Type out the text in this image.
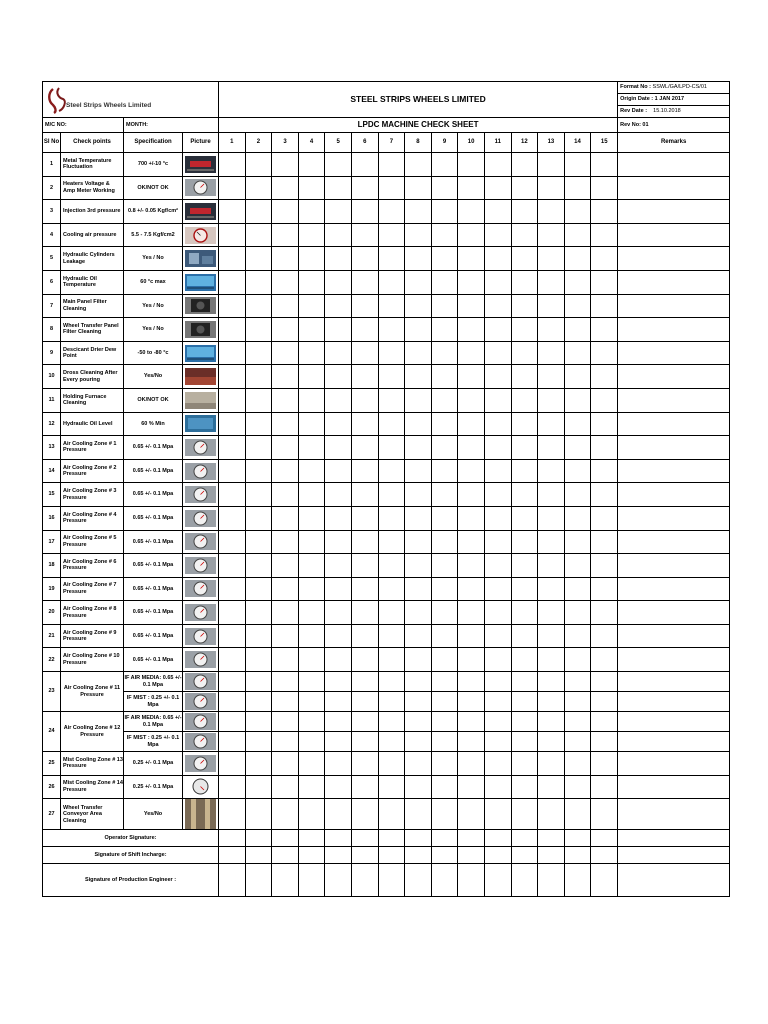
Steel Strips Wheels Limited				STEEL STRIPS WHEELS LIMITED															Format No : SSWL/GA/LPD-CS/01
																			Origin Date : 1 JAN 2017
																			Rev Date : 15.10.2018
M/C NO:		MONTH:		LPDC MACHINE CHECK SHEET															Rev No: 01
Sl No	Check points	Specification	Picture	1	2	3	4	5	6	7	8	9	10	11	12	13	14	15	Remarks
1	Metal Temperature Fluctuation	700 +/-10 °c	

2	Heaters Voltage & Amp Meter Working	OK/NOT OK	

3	Injection 3rd pressure	0.8 +/- 0.05 Kgf/cm²	

4	Cooling air pressure	5.5 - 7.5 Kgf/cm2	

5	Hydraulic Cylinders Leakage	Yes / No	

6	Hydraulic Oil Temperature	60 °c max	

7	Main Panel Filter Cleaning	Yes / No	

8	Wheel Transfer Panel Filter Cleaning	Yes / No	

9	Descicant Drier Dew Point	-50 to -80 °c	

10	Dross Cleaning After Every pouring	Yes/No	

11	Holding Furnace Cleaning	OK/NOT OK	

12	Hydraulic Oil Level	60 % Min	

13	Air Cooling Zone # 1 Pressure	0.65 +/- 0.1 Mpa	

14	Air Cooling Zone # 2 Pressure	0.65 +/- 0.1 Mpa	

15	Air Cooling Zone # 3 Pressure	0.65 +/- 0.1 Mpa	

16	Air Cooling Zone # 4 Pressure	0.65 +/- 0.1 Mpa	

17	Air Cooling Zone # 5 Pressure	0.65 +/- 0.1 Mpa	

18	Air Cooling Zone # 6 Pressure	0.65 +/- 0.1 Mpa	

19	Air Cooling Zone # 7 Pressure	0.65 +/- 0.1 Mpa	

20	Air Cooling Zone # 8 Pressure	0.65 +/- 0.1 Mpa	

21	Air Cooling Zone # 9 Pressure	0.65 +/- 0.1 Mpa	

22	Air Cooling Zone # 10 Pressure	0.65 +/- 0.1 Mpa	

23	Air Cooling Zone # 11 Pressure	IF AIR MEDIA: 0.65 +/- 0.1 Mpa	

		IF MIST : 0.25 +/- 0.1 Mpa	

24	Air Cooling Zone # 12 Pressure	IF AIR MEDIA: 0.65 +/- 0.1 Mpa	

		IF MIST : 0.25 +/- 0.1 Mpa	

25	Mist Cooling Zone # 13 Pressure	0.25 +/- 0.1 Mpa	

26	Mist Cooling Zone # 14 Pressure	0.25 +/- 0.1 Mpa	

27	Wheel Transfer Conveyor Area Cleaning	Yes/No	

Operator Signature:																			
Signature of Shift Incharge:																			
Signature of Production Engineer :																			
